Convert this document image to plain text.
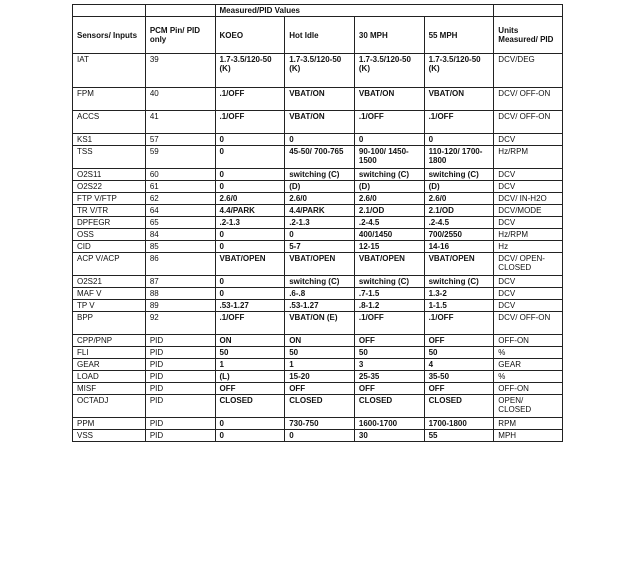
		Measured/PID Values				
Sensors/ Inputs	PCM Pin/ PID only	KOEO	Hot Idle	30 MPH	55 MPH	Units Measured/ PID
IAT	39	1.7-3.5/120-50 (K)	1.7-3.5/120-50 (K)	1.7-3.5/120-50 (K)	1.7-3.5/120-50 (K)	DCV/DEG
FPM	40	.1/OFF	VBAT/ON	VBAT/ON	VBAT/ON	DCV/ OFF-ON
ACCS	41	.1/OFF	VBAT/ON	.1/OFF	.1/OFF	DCV/ OFF-ON
KS1	57	0	0	0	0	DCV
TSS	59	0	45-50/ 700-765	90-100/ 1450-1500	110-120/ 1700-1800	Hz/RPM
O2S11	60	0	switching (C)	switching (C)	switching (C)	DCV
O2S22	61	0	(D)	(D)	(D)	DCV
FTP V/FTP	62	2.6/0	2.6/0	2.6/0	2.6/0	DCV/ IN-H2O
TR V/TR	64	4.4/PARK	4.4/PARK	2.1/OD	2.1/OD	DCV/MODE
DPFEGR	65	.2-1.3	.2-1.3	.2-4.5	.2-4.5	DCV
OSS	84	0	0	400/1450	700/2550	Hz/RPM
CID	85	0	5-7	12-15	14-16	Hz
ACP V/ACP	86	VBAT/OPEN	VBAT/OPEN	VBAT/OPEN	VBAT/OPEN	DCV/ OPEN-CLOSED
O2S21	87	0	switching (C)	switching (C)	switching (C)	DCV
MAF V	88	0	.6-.8	.7-1.5	1.3-2	DCV
TP V	89	.53-1.27	.53-1.27	.8-1.2	1-1.5	DCV
BPP	92	.1/OFF	VBAT/ON (E)	.1/OFF	.1/OFF	DCV/ OFF-ON
CPP/PNP	PID	ON	ON	OFF	OFF	OFF-ON
FLI	PID	50	50	50	50	%
GEAR	PID	1	1	3	4	GEAR
LOAD	PID	(L)	15-20	25-35	35-50	%
MISF	PID	OFF	OFF	OFF	OFF	OFF-ON
OCTADJ	PID	CLOSED	CLOSED	CLOSED	CLOSED	OPEN/ CLOSED
PPM	PID	0	730-750	1600-1700	1700-1800	RPM
VSS	PID	0	0	30	55	MPH
